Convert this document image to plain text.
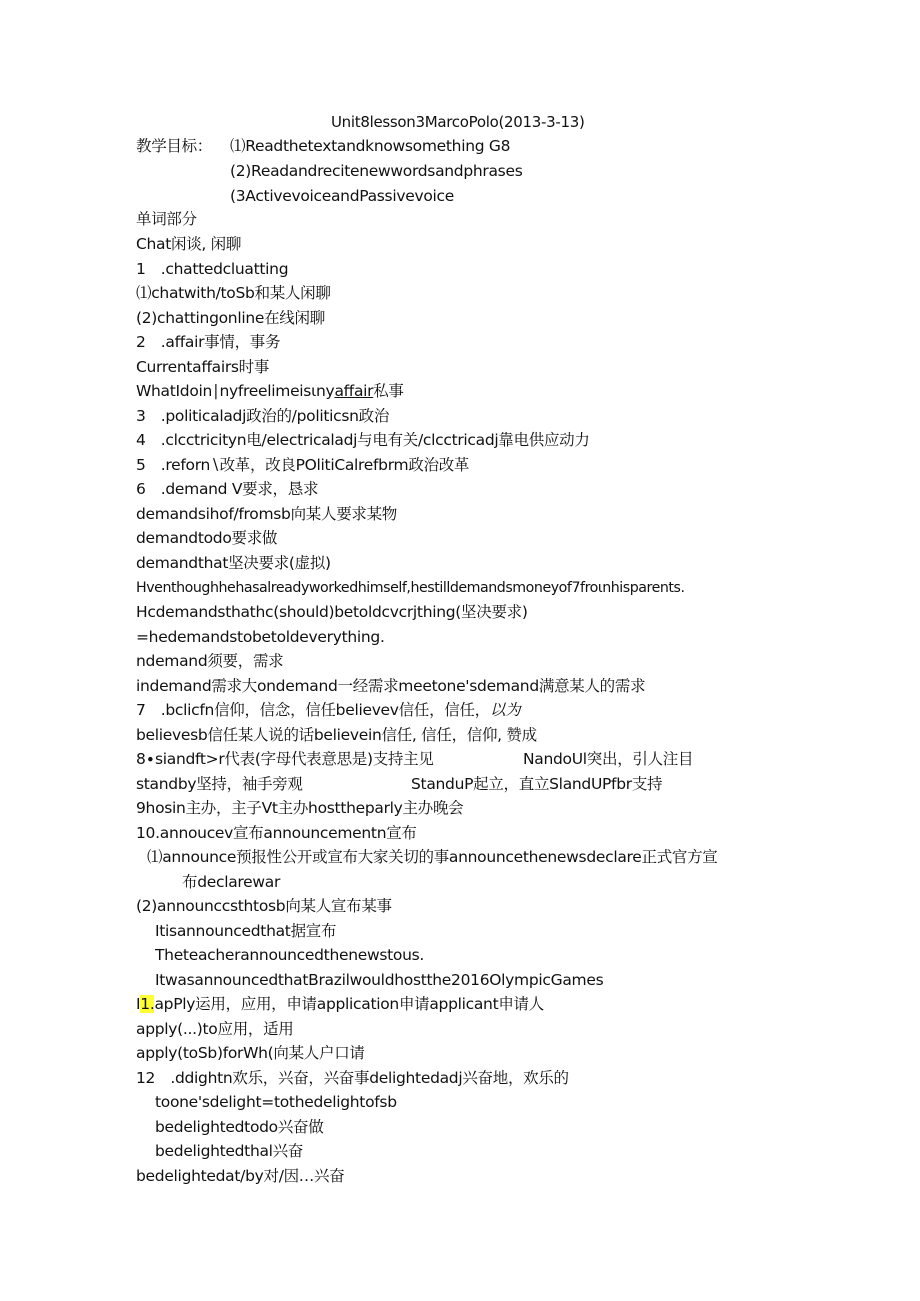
Unit8lesson3MarcoPolo(2013-3-13)
教学目标： ⑴Readthetextandknowsomething G8
(2)Readandrecitenewwordsandphrases
(3ActivevoiceandPassivevoice
单词部分
Chat闲谈, 闲聊
1　.chattedcluatting
⑴chatwith/toSb和某人闲聊
(2)chattingonline在线闲聊
2　.affair事情，事务
Currentaffairs时事
WhatIdoin∣nyfreelimeisιnyaffair私事
3　.politicaladj政治的/politicsn政治
4　.clcctricityn电/electricaladj与电有关/clcctricadj靠电供应动力
5　.reforn∖改革，改良POlitiCalrefbrm政治改革
6　.demand V要求，恳求
demandsihof/fromsb向某人要求某物
demandtodo要求做
demandthat坚决要求(虚拟)
Hventhoughhehasalreadyworkedhimself,hestilldemandsmoneyof7froιnhisparents.
Hcdemandsthathc(should)betoldcvcrjthing(坚决要求)
=hedemandstobetoldeverything.
ndemand须要，需求
indemand需求大ondemand一经需求meetone'sdemand满意某人的需求
7　.bclicfn信仰，信念，信任believev信任，信任，以为
believesb信任某人说的话believein信任, 信任，信仰, 赞成
8∙siandft>r代表(字母代表意思是)支持主见	NandoUl突出，引人注目
standby坚持，袖手旁观	StanduP起立，直立SlandUPfbr支持
9hosin主办，主子Vt主办hosttheparly主办晚会
10.annoucev宣布announcementn宣布
⑴announce预报性公开或宣布大家关切的事announcethenewsdeclare正式官方宣
布declarewar
(2)announccsthtosb向某人宣布某事
Itisannouncedthat据宣布
Theteacherannouncedthenewstous.
ItwasannouncedthatBrazilwouldhostthe2016OlympicGames
I1.apPly运用，应用，申请application申请applicant申请人
apply(...)to应用，适用
apply(toSb)forWh(向某人户口请
12　.ddightn欢乐，兴奋，兴奋事delightedadj兴奋地，欢乐的
toone'sdelight=tothedelightofsb
bedelightedtodo兴奋做
bedelightedthal兴奋
bedelightedat/by对/因…兴奋
